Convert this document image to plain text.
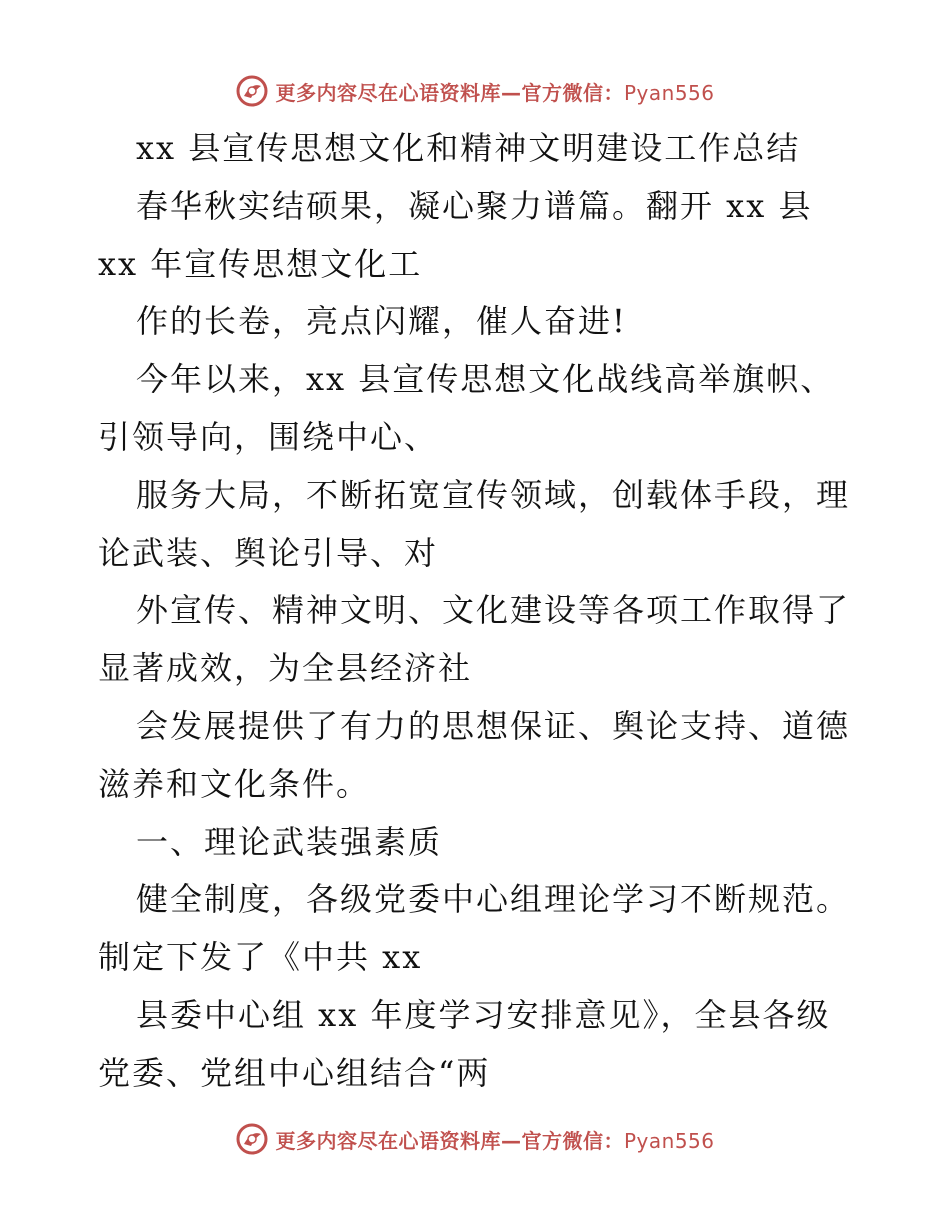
更多内容尽在心语资料库—官方微信：Pyan556
xx 县宣传思想文化和精神文明建设工作总结
春华秋实结硕果，凝心聚力谱篇。翻开 xx 县
xx 年宣传思想文化工
作的长卷，亮点闪耀，催人奋进!
今年以来，xx 县宣传思想文化战线高举旗帜、
引领导向，围绕中心、
服务大局，不断拓宽宣传领域，创载体手段，理
论武装、舆论引导、对
外宣传、精神文明、文化建设等各项工作取得了
显著成效，为全县经济社
会发展提供了有力的思想保证、舆论支持、道德
滋养和文化条件。
一、理论武装强素质
健全制度，各级党委中心组理论学习不断规范。
制定下发了《中共 xx
县委中心组 xx 年度学习安排意见》，全县各级
党委、党组中心组结合“两
更多内容尽在心语资料库—官方微信：Pyan556
